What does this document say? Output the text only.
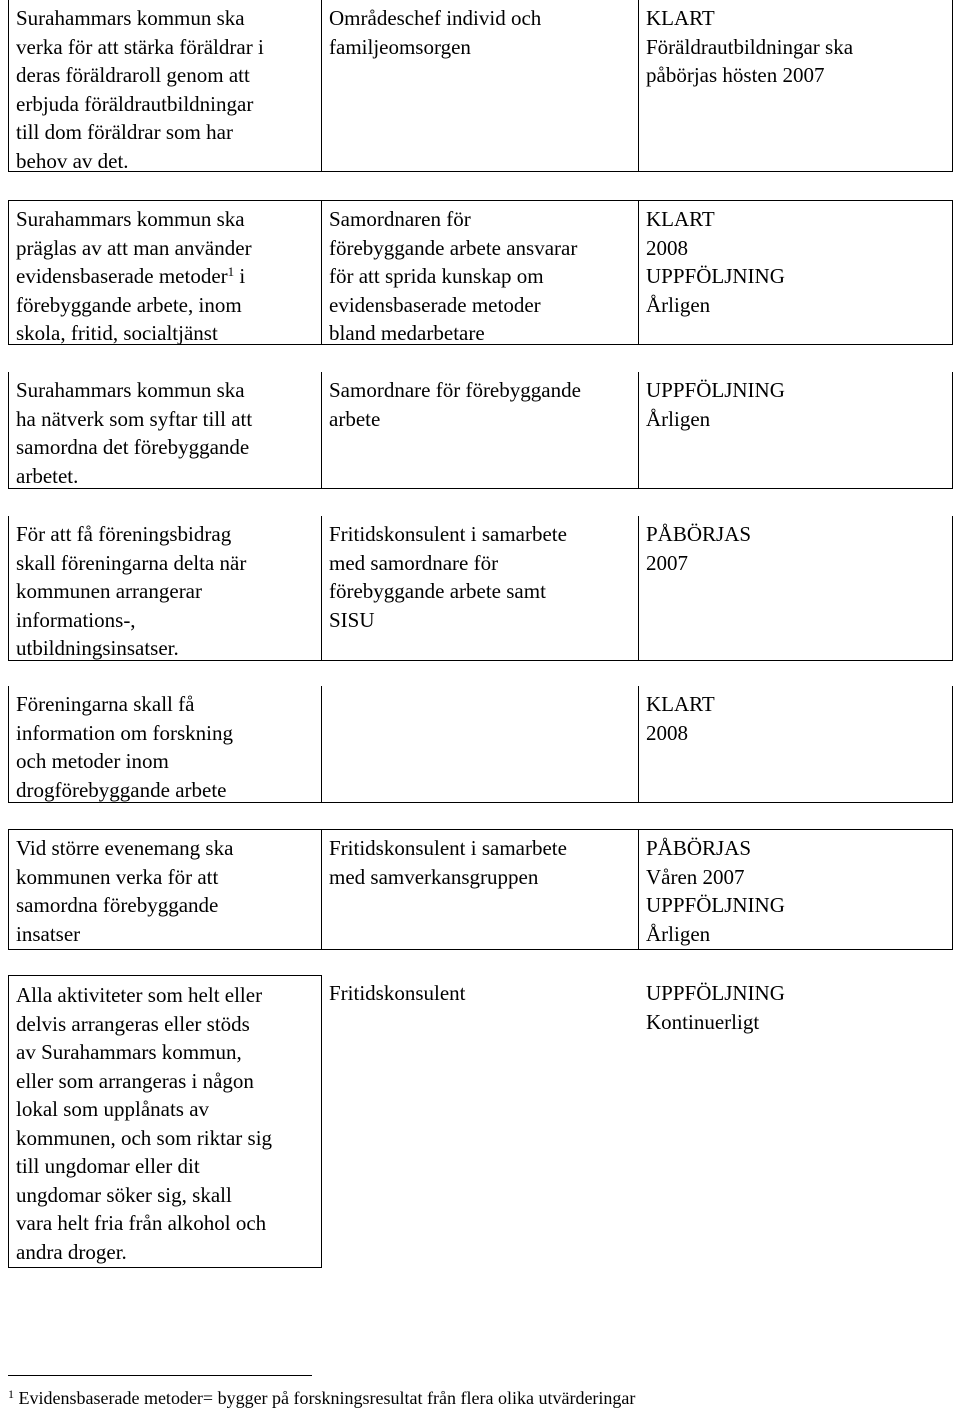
Surahammars kommun ska
verka för att stärka föräldrar i
deras föräldraroll genom att
erbjuda föräldrautbildningar
till dom föräldrar som har
behov av det.
Områdeschef individ och
familjeomsorgen
KLART
Föräldrautbildningar ska
påbörjas hösten 2007
Surahammars kommun ska
präglas av att man använder
evidensbaserade metoder$^1$ i
förebyggande arbete, inom
skola, fritid, socialtjänst
Samordnaren för
förebyggande arbete ansvarar
för att sprida kunskap om
evidensbaserade metoder
bland medarbetare
KLART
2008
UPPFÖLJNING
Årligen
Surahammars kommun ska
ha nätverk som syftar till att
samordna det förebyggande
arbetet.
Samordnare för förebyggande
arbete
UPPFÖLJNING
Årligen
För att få föreningsbidrag
skall föreningarna delta när
kommunen arrangerar
informations-,
utbildningsinsatser.
Fritidskonsulent i samarbete
med samordnare för
förebyggande arbete samt
SISU
PÅBÖRJAS
2007
Föreningarna skall få
information om forskning
och metoder inom
drogförebyggande arbete
KLART
2008
Vid större evenemang ska
kommunen verka för att
samordna förebyggande
insatser
Fritidskonsulent i samarbete
med samverkansgruppen
PÅBÖRJAS
Våren 2007
UPPFÖLJNING
Årligen
Alla aktiviteter som helt eller
delvis arrangeras eller stöds
av Surahammars kommun,
eller som arrangeras i någon
lokal som upplånats av
kommunen, och som riktar sig
till ungdomar eller dit
ungdomar söker sig, skall
vara helt fria från alkohol och
andra droger.
Fritidskonsulent	UPPFÖLJNING
Kontinuerligt
$^1$ Evidensbaserade metoder= bygger på forskningsresultat från flera olika utvärderingar
